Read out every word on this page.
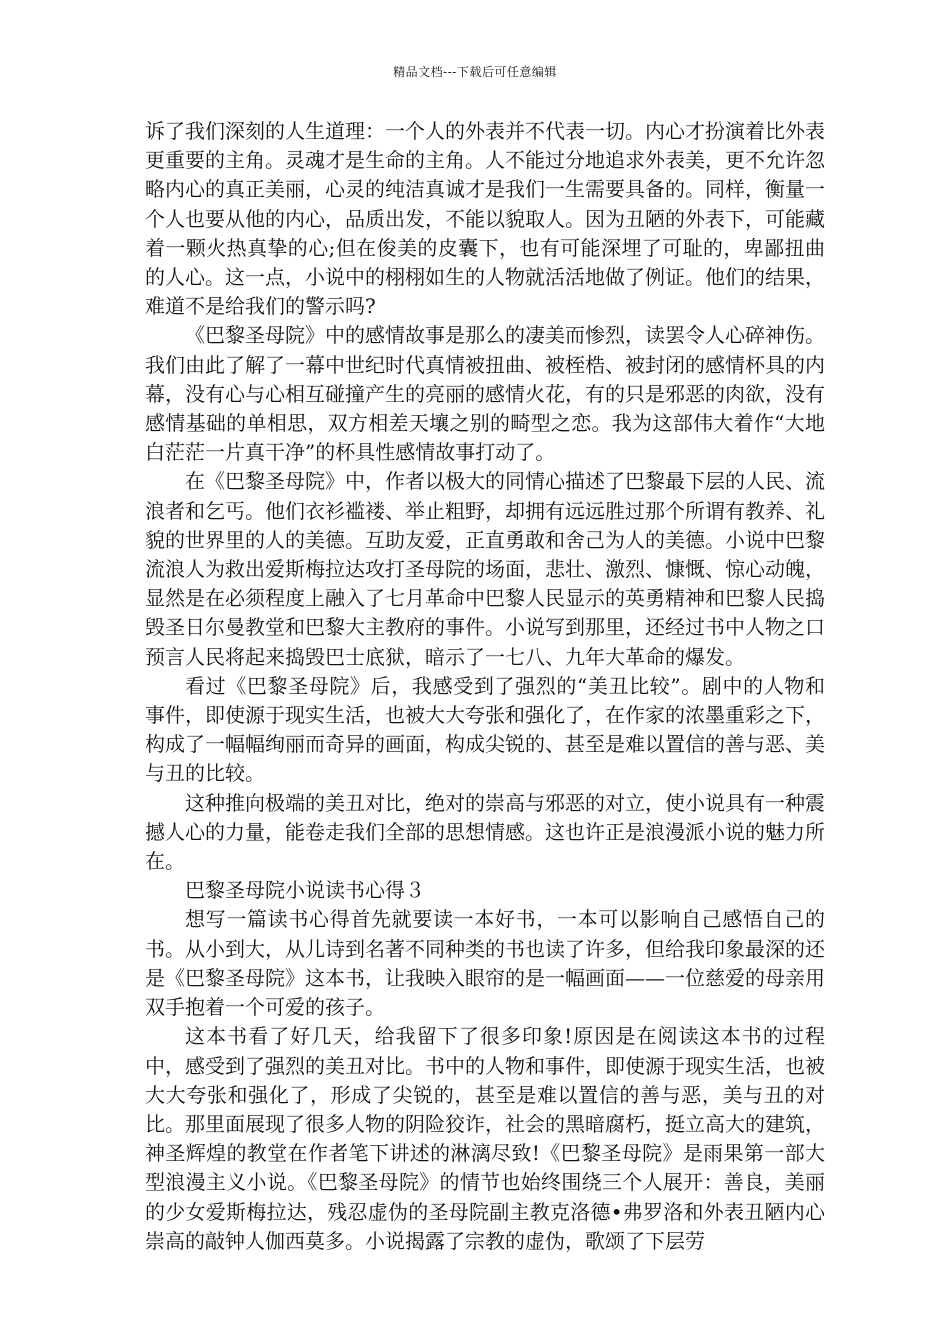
精品文档---下载后可任意编辑

诉了我们深刻的人生道理：一个人的外表并不代表一切。内心才扮演着比外表更重要的主角。灵魂才是生命的主角。人不能过分地追求外表美，更不允许忽略内心的真正美丽，心灵的纯洁真诚才是我们一生需要具备的。同样，衡量一个人也要从他的内心，品质出发，不能以貌取人。因为丑陋的外表下，可能藏着一颗火热真挚的心;但在俊美的皮囊下，也有可能深埋了可耻的，卑鄙扭曲的人心。这一点，小说中的栩栩如生的人物就活活地做了例证。他们的结果，难道不是给我们的警示吗?

《巴黎圣母院》中的感情故事是那么的凄美而惨烈，读罢令人心碎神伤。我们由此了解了一幕中世纪时代真情被扭曲、被桎梏、被封闭的感情杯具的内幕，没有心与心相互碰撞产生的亮丽的感情火花，有的只是邪恶的肉欲，没有感情基础的单相思，双方相差天壤之别的畸型之恋。我为这部伟大着作“大地白茫茫一片真干净”的杯具性感情故事打动了。

在《巴黎圣母院》中，作者以极大的同情心描述了巴黎最下层的人民、流浪者和乞丐。他们衣衫褴褛、举止粗野，却拥有远远胜过那个所谓有教养、礼貌的世界里的人的美德。互助友爱，正直勇敢和舍己为人的美德。小说中巴黎流浪人为救出爱斯梅拉达攻打圣母院的场面，悲壮、激烈、慷慨、惊心动魄，显然是在必须程度上融入了七月革命中巴黎人民显示的英勇精神和巴黎人民捣毁圣日尔曼教堂和巴黎大主教府的事件。小说写到那里，还经过书中人物之口预言人民将起来捣毁巴士底狱，暗示了一七八、九年大革命的爆发。

看过《巴黎圣母院》后，我感受到了强烈的“美丑比较”。剧中的人物和事件，即使源于现实生活，也被大大夸张和强化了，在作家的浓墨重彩之下，构成了一幅幅绚丽而奇异的画面，构成尖锐的、甚至是难以置信的善与恶、美与丑的比较。

这种推向极端的美丑对比，绝对的崇高与邪恶的对立，使小说具有一种震撼人心的力量，能卷走我们全部的思想情感。这也许正是浪漫派小说的魅力所在。

巴黎圣母院小说读书心得３

想写一篇读书心得首先就要读一本好书，一本可以影响自己感悟自己的书。从小到大，从儿诗到名著不同种类的书也读了许多，但给我印象最深的还是《巴黎圣母院》这本书，让我映入眼帘的是一幅画面——一位慈爱的母亲用双手抱着一个可爱的孩子。

这本书看了好几天，给我留下了很多印象!原因是在阅读这本书的过程中，感受到了强烈的美丑对比。书中的人物和事件，即使源于现实生活，也被大大夸张和强化了，形成了尖锐的，甚至是难以置信的善与恶，美与丑的对比。那里面展现了很多人物的阴险狡诈，社会的黑暗腐朽，挺立高大的建筑，神圣辉煌的教堂在作者笔下讲述的淋漓尽致!《巴黎圣母院》是雨果第一部大型浪漫主义小说。《巴黎圣母院》的情节也始终围绕三个人展开：善良，美丽的少女爱斯梅拉达，残忍虚伪的圣母院副主教克洛德•弗罗洛和外表丑陋内心崇高的敲钟人伽西莫多。小说揭露了宗教的虚伪，歌颂了下层劳
